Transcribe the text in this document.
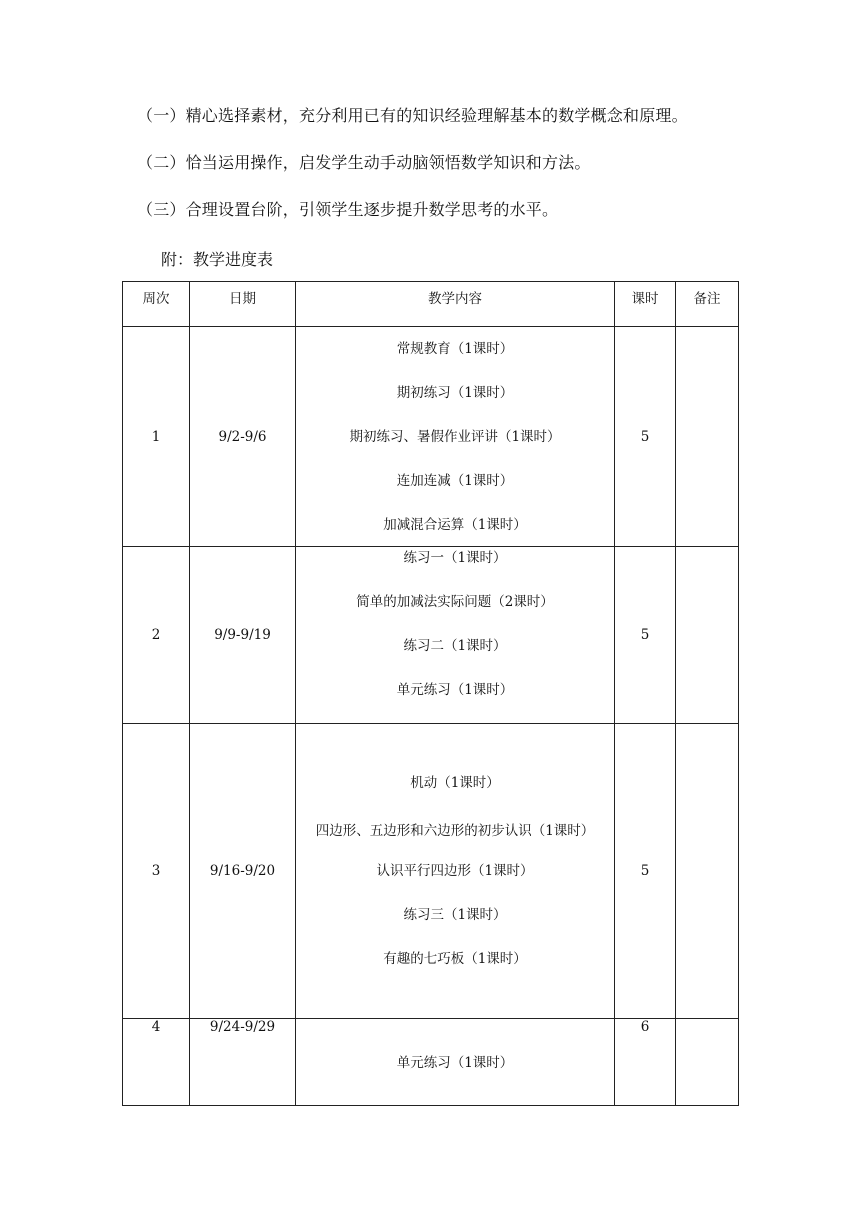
（一）精心选择素材，充分利用已有的知识经验理解基本的数学概念和原理。
（二）恰当运用操作，启发学生动手动脑领悟数学知识和方法。
（三）合理设置台阶，引领学生逐步提升数学思考的水平。
附：教学进度表
周次	日期	教学内容	课时	备注
1	9/2-9/6	常规教育（1课时）
期初练习（1课时）
期初练习、暑假作业评讲（1课时）
连加连减（1课时）
加减混合运算（1课时）	5	
2	9/9-9/19	练习一（1课时）
简单的加减法实际问题（2课时）
练习二（1课时）
单元练习（1课时）	5	
3	9/16-9/20	机动（1课时）
四边形、五边形和六边形的初步认识（1课时）
认识平行四边形（1课时）
练习三（1课时）
有趣的七巧板（1课时）	5	
4	9/24-9/29	单元练习（1课时）	6	
